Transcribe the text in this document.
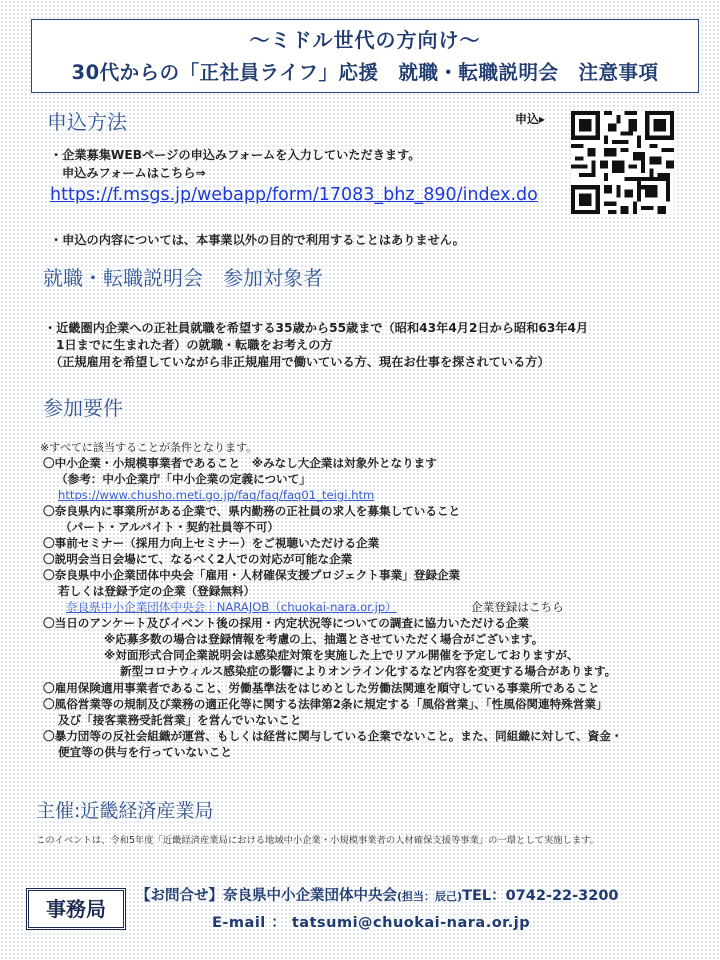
～ミドル世代の方向け～
30代からの「正社員ライフ」応援　就職・転職説明会　注意事項
申込方法	申込▸
・企業募集WEBページの申込みフォームを入力していただきます。
申込みフォームはこちら⇒
https://f.msgs.jp/webapp/form/17083_bhz_890/index.do
・申込の内容については、本事業以外の目的で利用することはありません。
就職・転職説明会　参加対象者
・近畿圏内企業への正社員就職を希望する35歳から55歳まで（昭和43年4月2日から昭和63年4月
1日までに生まれた者）の就職・転職をお考えの方
（正規雇用を希望していながら非正規雇用で働いている方、現在お仕事を探されている方）
参加要件
※すべてに該当することが条件となります。
〇中小企業・小規模事業者であること　※みなし大企業は対象外となります
（参考：中小企業庁「中小企業の定義について」
https://www.chusho.meti.go.jp/faq/faq/faq01_teigi.htm
〇奈良県内に事業所がある企業で、県内勤務の正社員の求人を募集していること
（パート・アルバイト・契約社員等不可）
〇事前セミナー（採用力向上セミナー）をご視聴いただける企業
〇説明会当日会場にて、なるべく2人での対応が可能な企業
〇奈良県中小企業団体中央会「雇用・人材確保支援プロジェクト事業」登録企業
若しくは登録予定の企業（登録無料）
奈良県中小企業団体中央会｜NARAJOB（chuokai-nara.or.jp）	企業登録はこちら
〇当日のアンケート及びイベント後の採用・内定状況等についての調査に協力いただける企業
※応募多数の場合は登録情報を考慮の上、抽選とさせていただく場合がございます。
※対面形式合同企業説明会は感染症対策を実施した上でリアル開催を予定しておりますが、
新型コロナウィルス感染症の影響によりオンライン化するなど内容を変更する場合があります。
〇雇用保険適用事業者であること、労働基準法をはじめとした労働法関連を順守している事業所であること
〇風俗営業等の規制及び業務の適正化等に関する法律第2条に規定する「風俗営業」、「性風俗関連特殊営業」
及び「接客業務受託営業」を営んでいないこと
〇暴力団等の反社会組織が運営、もしくは経営に関与している企業でないこと。また、同組織に対して、資金・
便宜等の供与を行っていないこと
主催:近畿経済産業局
このイベントは、令和5年度「近畿経済産業局における地域中小企業・小規模事業者の人材確保支援等事業」の一環として実施します。
事務局
【お問合せ】奈良県中小企業団体中央会(担当：辰己)TEL：0742-22-3200
E-mail ： tatsumi@chuokai-nara.or.jp
